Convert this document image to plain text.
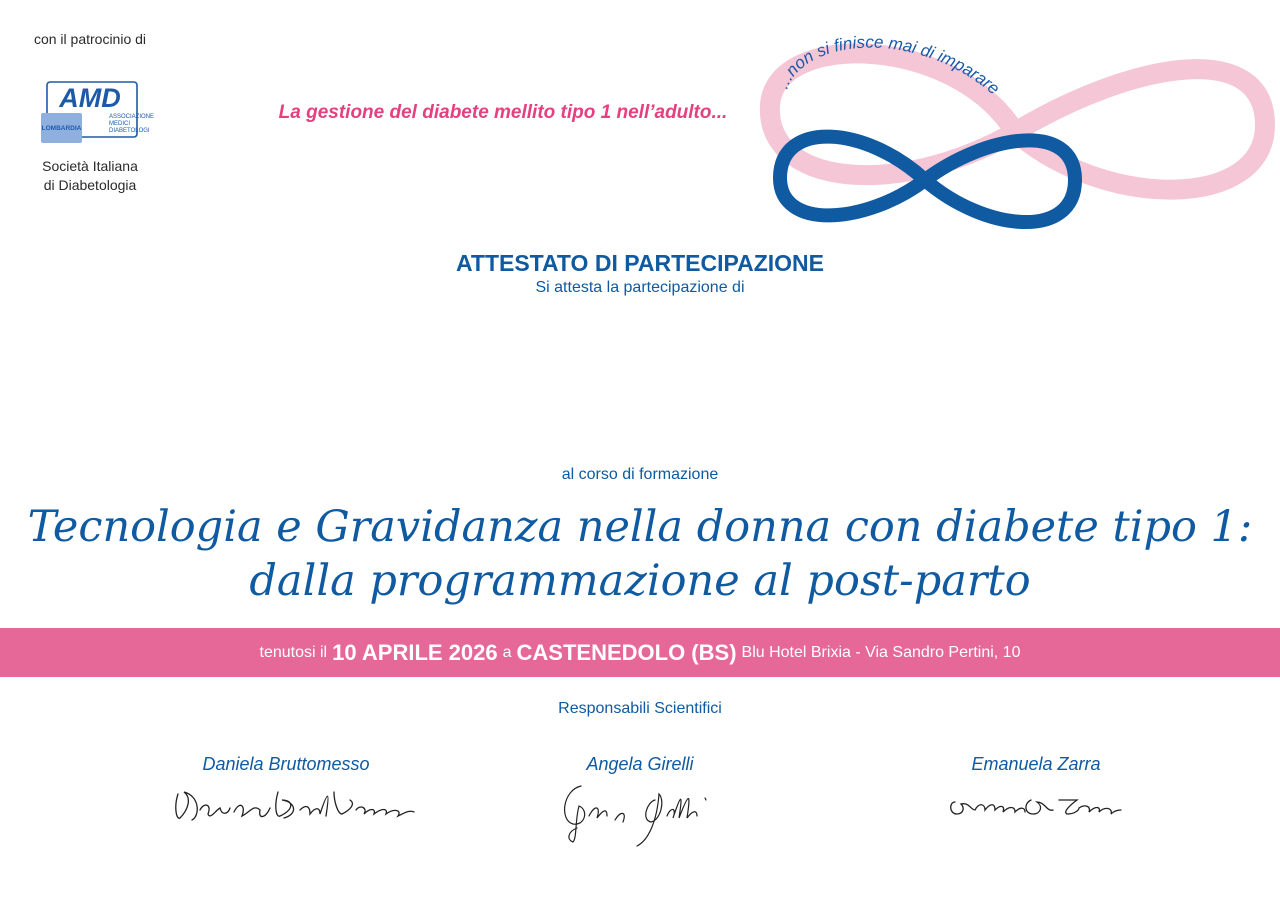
con il patrocinio di
AMD
ASSOCIAZIONE
MEDICI
DIABETOLOGI
LOMBARDIA
Società Italiana
di Diabetologia
La gestione del diabete mellito tipo 1 nell’adulto...
...non si finisce mai di imparare
ATTESTATO DI PARTECIPAZIONE
Si attesta la partecipazione di
al corso di formazione
Tecnologia e Gravidanza nella donna con diabete tipo 1:
dalla programmazione al post-parto
tenutosi il 10 APRILE 2026 a CASTENEDOLO (BS) Blu Hotel Brixia - Via Sandro Pertini, 10
Responsabili Scientifici
Daniela Bruttomesso	Angela Girelli	Emanuela Zarra
